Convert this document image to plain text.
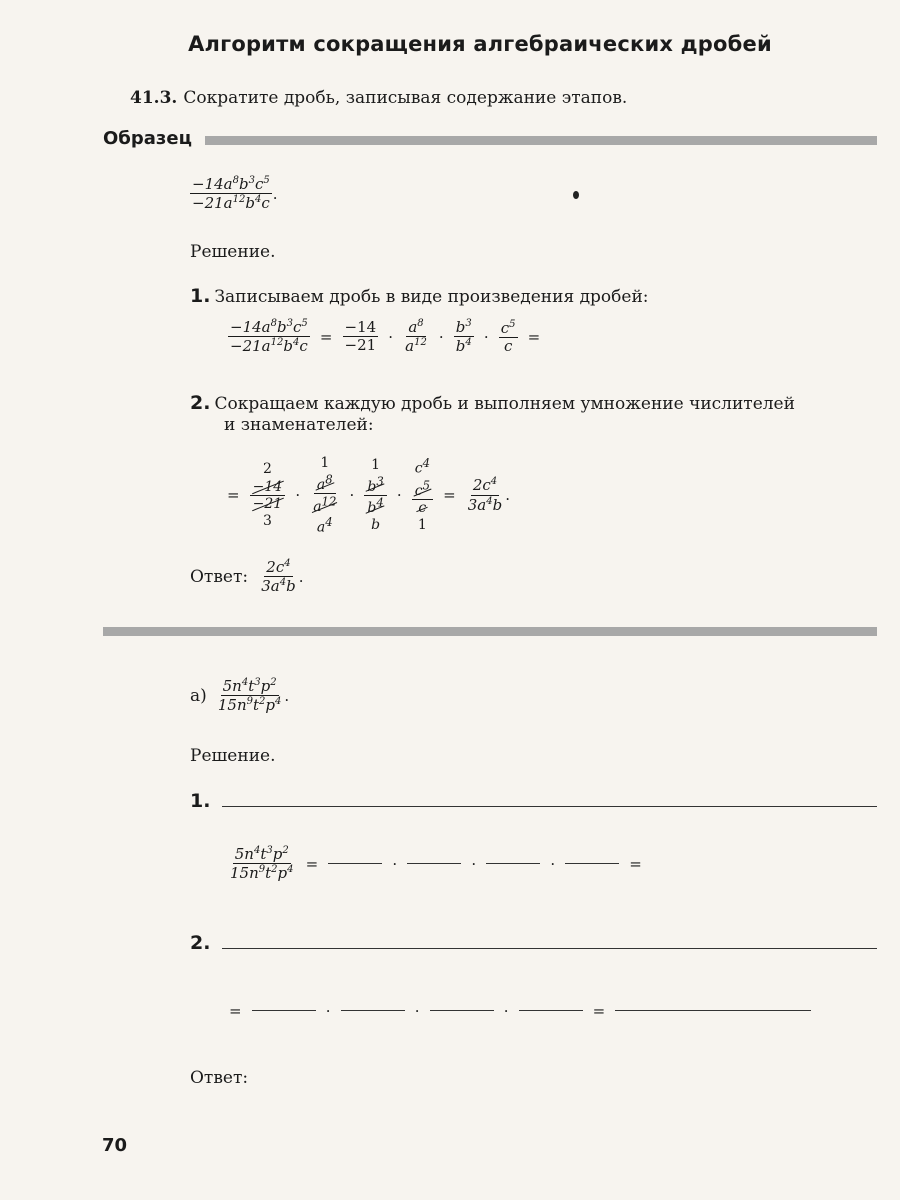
Алгоритм сокращения алгебраических дробей
41.3. Сократите дробь, записывая содержание этапов.
Образец
$\frac{-14a^8b^3c^5}{-21a^{12}b^4c}$ .
Решение.
1. Записываем дробь в виде произведения дробей:
$\frac{-14a^8b^3c^5}{-21a^{12}b^4c} = \frac{-14}{-21} \cdot \frac{a^8}{a^{12}} \cdot \frac{b^3}{b^4} \cdot \frac{c^5}{c}$ =
2. Сокращаем каждую дробь и выполняем умножение числителей
и знаменателей:
=
2
−14
−21
3
·
1
$a^8$
$a^{12}$
$a^4$
·
1
$b^3$
$b^4$
b
·
$c^4$
$c^5$
c
1
= $\frac{2c^4}{3a^4b}$ .
Ответ: $\frac{2c^4}{3a^4b}$ .
$а) \frac{5n^4t^3p^2}{15n^9t^2p^4}$ .
Решение.
1.
$\frac{5n^4t^3p^2}{15n^9t^2p^4}$ =	·	·	·	=
2.
=	·	·	·	=
Ответ:
70
